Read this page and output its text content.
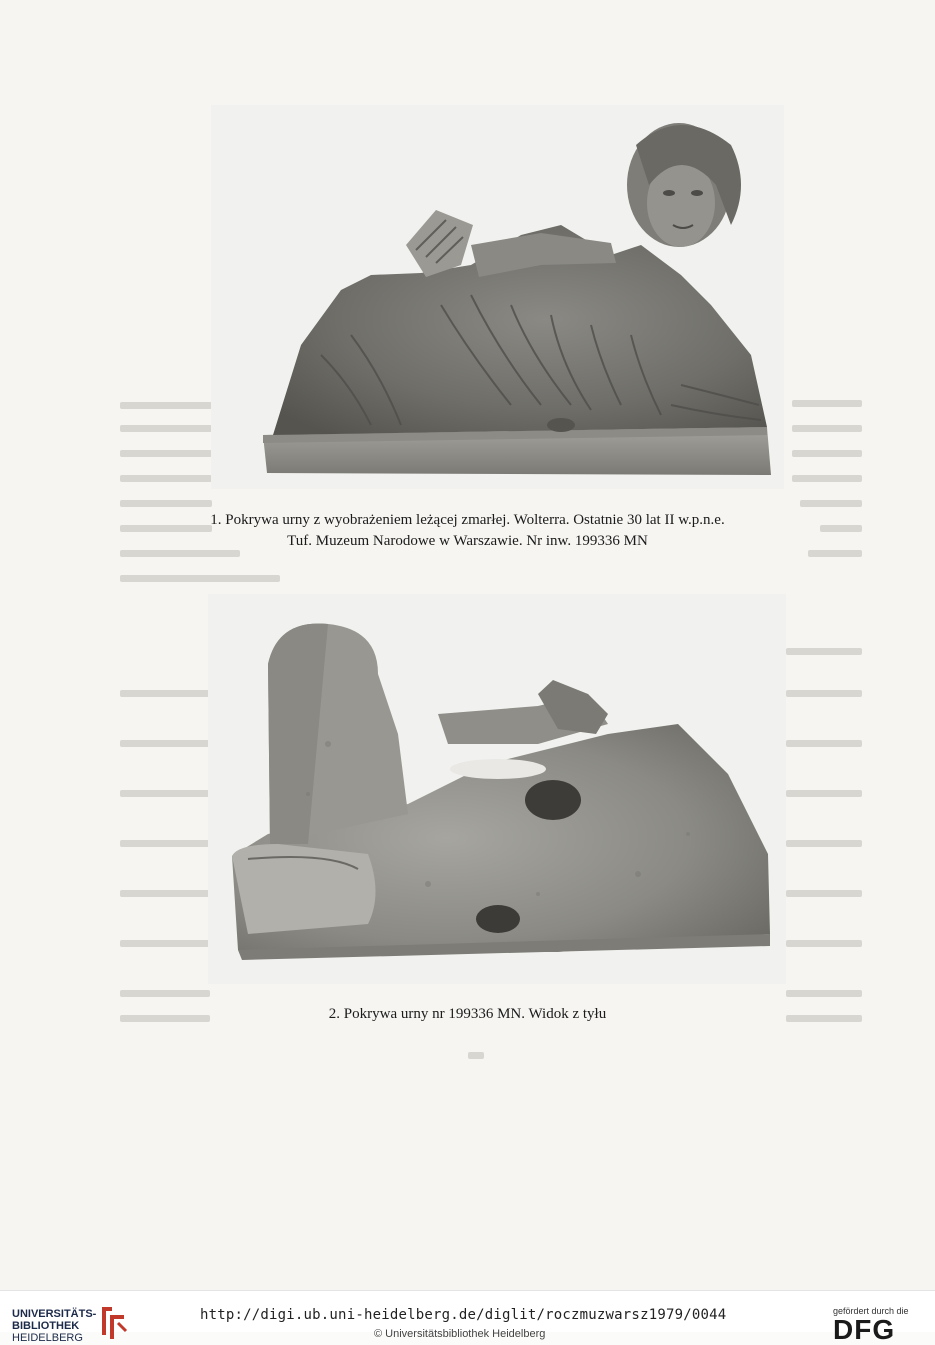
1. Pokrywa urny z wyobrażeniem leżącej zmarłej. Wolterra. Ostatnie 30 lat II w.p.n.e.
Tuf. Muzeum Narodowe w Warszawie. Nr inw. 199336 MN
2. Pokrywa urny nr 199336 MN. Widok z tyłu
UNIVERSITÄTS-
BIBLIOTHEK
HEIDELBERG
http://digi.ub.uni-heidelberg.de/diglit/roczmuzwarsz1979/0044
© Universitätsbibliothek Heidelberg
gefördert durch die
DFG
